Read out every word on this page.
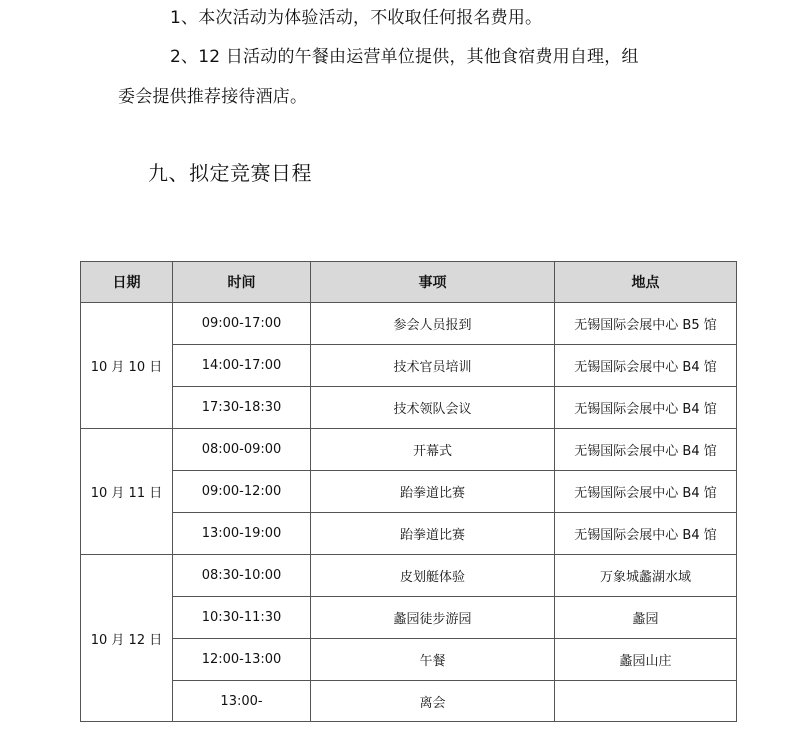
1、本次活动为体验活动，不收取任何报名费用。
2、12 日活动的午餐由运营单位提供，其他食宿费用自理，组
委会提供推荐接待酒店。
九、拟定竞赛日程
日期	时间	事项	地点
10 月 10 日	09:00-17:00	参会人员报到	无锡国际会展中心 B5 馆
	14:00-17:00	技术官员培训	无锡国际会展中心 B4 馆
	17:30-18:30	技术领队会议	无锡国际会展中心 B4 馆
10 月 11 日	08:00-09:00	开幕式	无锡国际会展中心 B4 馆
	09:00-12:00	跆拳道比赛	无锡国际会展中心 B4 馆
	13:00-19:00	跆拳道比赛	无锡国际会展中心 B4 馆
10 月 12 日	08:30-10:00	皮划艇体验	万象城蠡湖水域
	10:30-11:30	蠡园徒步游园	蠡园
	12:00-13:00	午餐	蠡园山庄
	13:00-	离会	
